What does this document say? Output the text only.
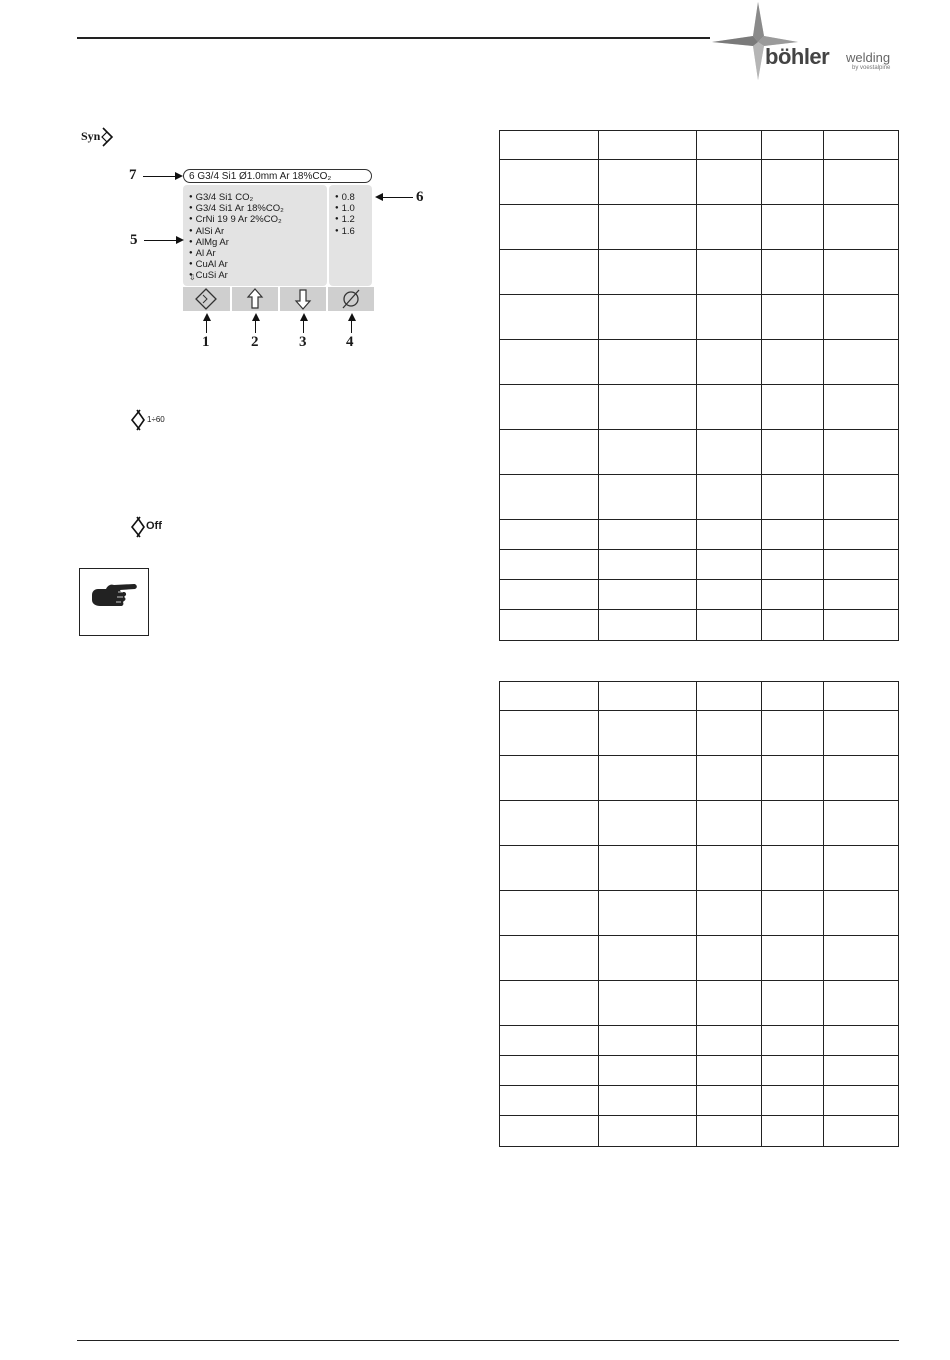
böhler welding
by voestalpine
Syn
6 G3/4 Si1 Ø1.0mm Ar 18%CO₂
● G3/4 Si1 CO₂
● G3/4 Si1 Ar 18%CO₂
● CrNi 19 9 Ar 2%CO₂
● AlSi Ar
● AlMg Ar
● Al Ar
● CuAl Ar
● CuSi Ar
⇩
● 0.8
● 1.0
● 1.2
● 1.6
7
5
6
1	2	3	4
1÷60
Off
